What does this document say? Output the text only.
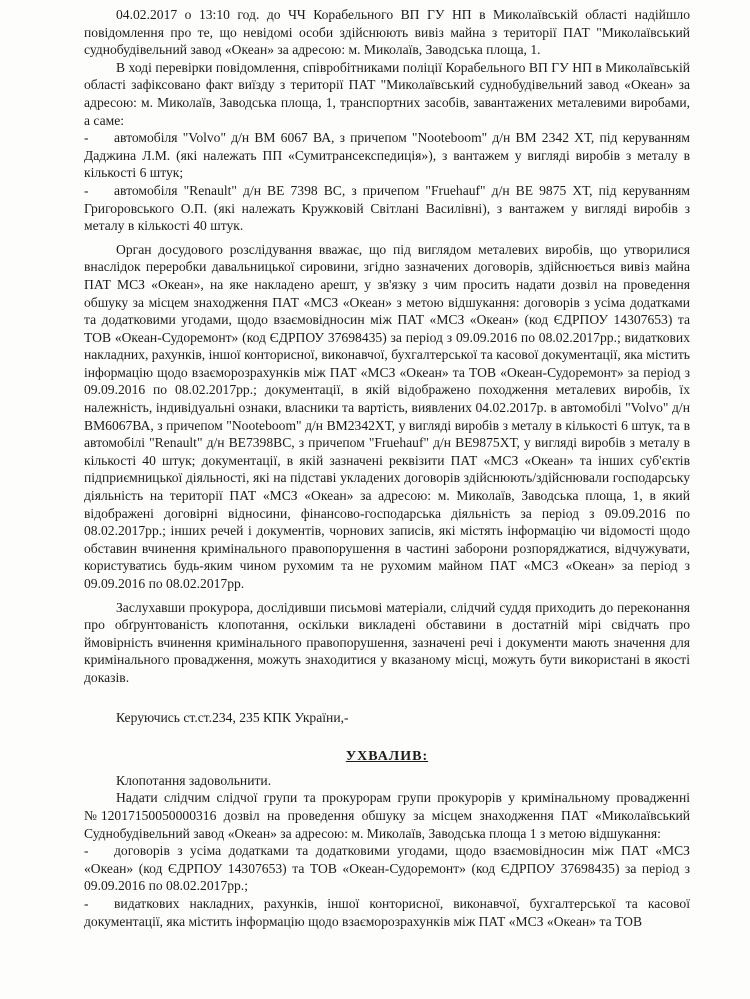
04.02.2017 о 13:10 год. до ЧЧ Корабельного ВП ГУ НП в Миколаївській області надійшло повідомлення про те, що невідомі особи здійснюють вивіз майна з території ПАТ "Миколаївський суднобудівельний завод «Океан» за адресою: м. Миколаїв, Заводська площа, 1.

В ході перевірки повідомлення, співробітниками поліції Корабельного ВП ГУ НП в Миколаївській області зафіксовано факт виїзду з території ПАТ "Миколаївський суднобудівельний завод «Океан» за адресою: м. Миколаїв, Заводська площа, 1, транспортних засобів, завантажених металевими виробами, а саме:

- автомобіля "Volvo" д/н ВМ 6067 ВА, з причепом "Nooteboom" д/н ВМ 2342 ХТ, під керуванням Даджина Л.М. (які належать ПП «Сумитрансекспедиція»), з вантажем у вигляді виробів з металу в кількості 6 штук;

- автомобіля "Renault" д/н ВЕ 7398 ВС, з причепом "Fruehauf" д/н ВЕ 9875 ХТ, під керуванням Григоровського О.П. (які належать Кружковій Світлані Василівні), з вантажем у вигляді виробів з металу в кількості 40 штук.

Орган досудового розслідування вважає, що під виглядом металевих виробів, що утворилися внаслідок переробки давальницької сировини, згідно зазначених договорів, здійснюється вивіз майна ПАТ МСЗ «Океан», на яке накладено арешт, у зв'язку з чим просить надати дозвіл на проведення обшуку за місцем знаходження ПАТ «МСЗ «Океан» з метою відшукання: договорів з усіма додатками та додатковими угодами, щодо взаємовідносин між ПАТ «МСЗ «Океан» (код ЄДРПОУ 14307653) та ТОВ «Океан-Судоремонт» (код ЄДРПОУ 37698435) за період з 09.09.2016 по 08.02.2017рр.; видаткових накладних, рахунків, іншої конторисної, виконавчої, бухгалтерської та касової документації, яка містить інформацію щодо взаєморозрахунків між ПАТ «МСЗ «Океан» та ТОВ «Океан-Судоремонт» за період з 09.09.2016 по 08.02.2017рр.; документації, в якій відображено походження металевих виробів, їх належність, індивідуальні ознаки, власники та вартість, виявлених 04.02.2017р. в автомобілі "Volvo" д/н ВМ6067ВА, з причепом "Nooteboom" д/н ВМ2342ХТ, у вигляді виробів з металу в кількості 6 штук, та в автомобілі "Renault" д/н ВЕ7398ВС, з причепом "Fruehauf" д/н ВЕ9875ХТ, у вигляді виробів з металу в кількості 40 штук; документації, в якій зазначені реквізити ПАТ «МСЗ «Океан» та інших суб'єктів підприємницької діяльності, які на підставі укладених договорів здійснюють/здійснювали господарську діяльність на території ПАТ «МСЗ «Океан» за адресою: м. Миколаїв, Заводська площа, 1, в який відображені договірні відносини, фінансово-господарська діяльність за період з 09.09.2016 по 08.02.2017рр.; інших речей і документів, чорнових записів, які містять інформацію чи відомості щодо обставин вчинення кримінального правопорушення в частині заборони розпоряджатися, відчужувати, користуватись будь-яким чином рухомим та не рухомим майном ПАТ «МСЗ «Океан» за період з 09.09.2016 по 08.02.2017рр.

Заслухавши прокурора, дослідивши письмові матеріали, слідчий суддя приходить до переконання про обґрунтованість клопотання, оскільки викладені обставини в достатній мірі свідчать про ймовірність вчинення кримінального правопорушення, зазначені речі і документи мають значення для кримінального провадження, можуть знаходитися у вказаному місці, можуть бути використані в якості доказів.

Керуючись ст.ст.234, 235 КПК України,-

УХВАЛИВ:

Клопотання задовольнити.

Надати слідчим слідчої групи та прокурорам групи прокурорів у кримінальному провадженні №12017150050000316 дозвіл на проведення обшуку за місцем знаходження ПАТ «Миколаївський Суднобудівельний завод «Океан» за адресою: м. Миколаїв, Заводська площа 1 з метою відшукання:

- договорів з усіма додатками та додатковими угодами, щодо взаємовідносин між ПАТ «МСЗ «Океан» (код ЄДРПОУ 14307653) та ТОВ «Океан-Судоремонт» (код ЄДРПОУ 37698435) за період з 09.09.2016 по 08.02.2017рр.;

- видаткових накладних, рахунків, іншої конторисної, виконавчої, бухгалтерської та касової документації, яка містить інформацію щодо взаєморозрахунків між ПАТ «МСЗ «Океан» та ТОВ
